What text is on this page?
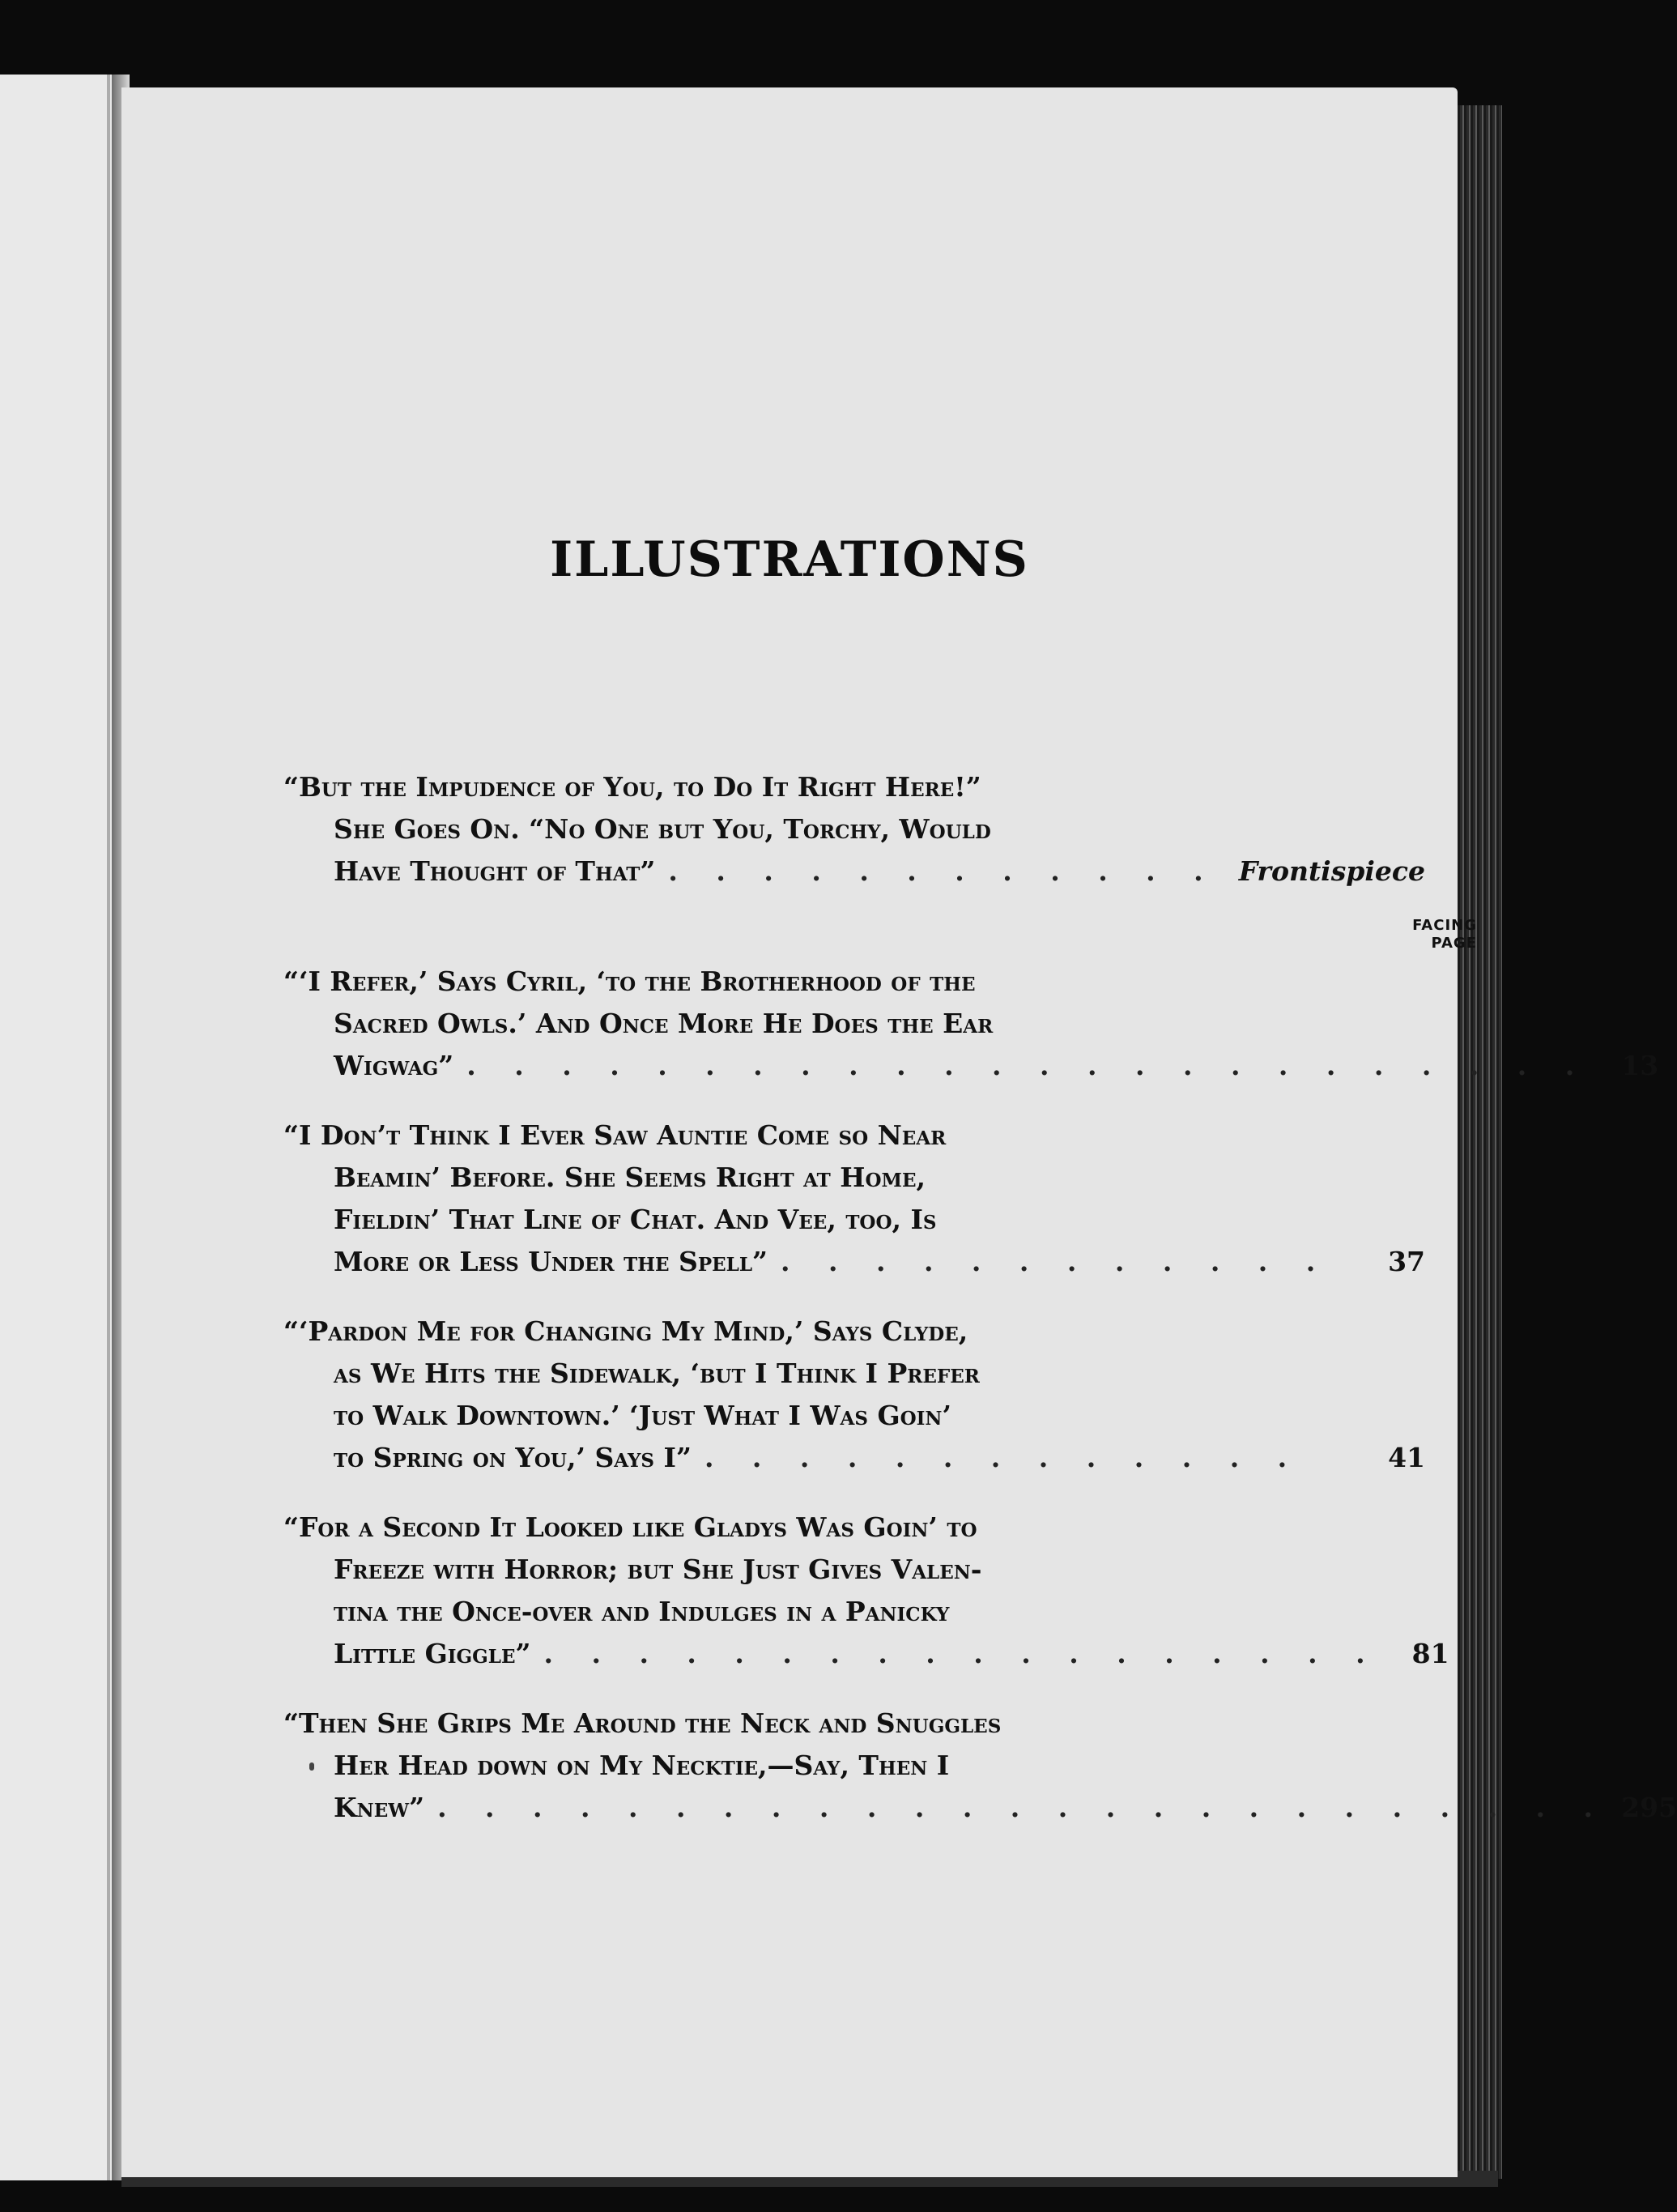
ILLUSTRATIONS
“But the Impudence of You, to Do It Right Here!”
She Goes On. “No One but You, Torchy, Would
Have Thought of That” . . . . . . . . . . . . Frontispiece
FACING
PAGE
“‘I Refer,’ Says Cyril, ‘to the Brotherhood of the
Sacred Owls.’ And Once More He Does the Ear
Wigwag” . . . . . . . . . . . . . . . . . . . . . . . .	13
“I Don’t Think I Ever Saw Auntie Come so Near
Beamin’ Before. She Seems Right at Home,
Fieldin’ That Line of Chat. And Vee, too, Is
More or Less Under the Spell” . . . . . . . . . . . .	37
“‘Pardon Me for Changing My Mind,’ Says Clyde,
as We Hits the Sidewalk, ‘but I Think I Prefer
to Walk Downtown.’ ‘Just What I Was Goin’
to Spring on You,’ Says I” . . . . . . . . . . . . .	41
“For a Second It Looked like Gladys Was Goin’ to
Freeze with Horror; but She Just Gives Valen-
tina the Once-over and Indulges in a Panicky
Little Giggle” . . . . . . . . . . . . . . . . . .	81
“Then She Grips Me Around the Neck and Snuggles
Her Head down on My Necktie,—Say, Then I
Knew” . . . . . . . . . . . . . . . . . . . . . . . . . 295
